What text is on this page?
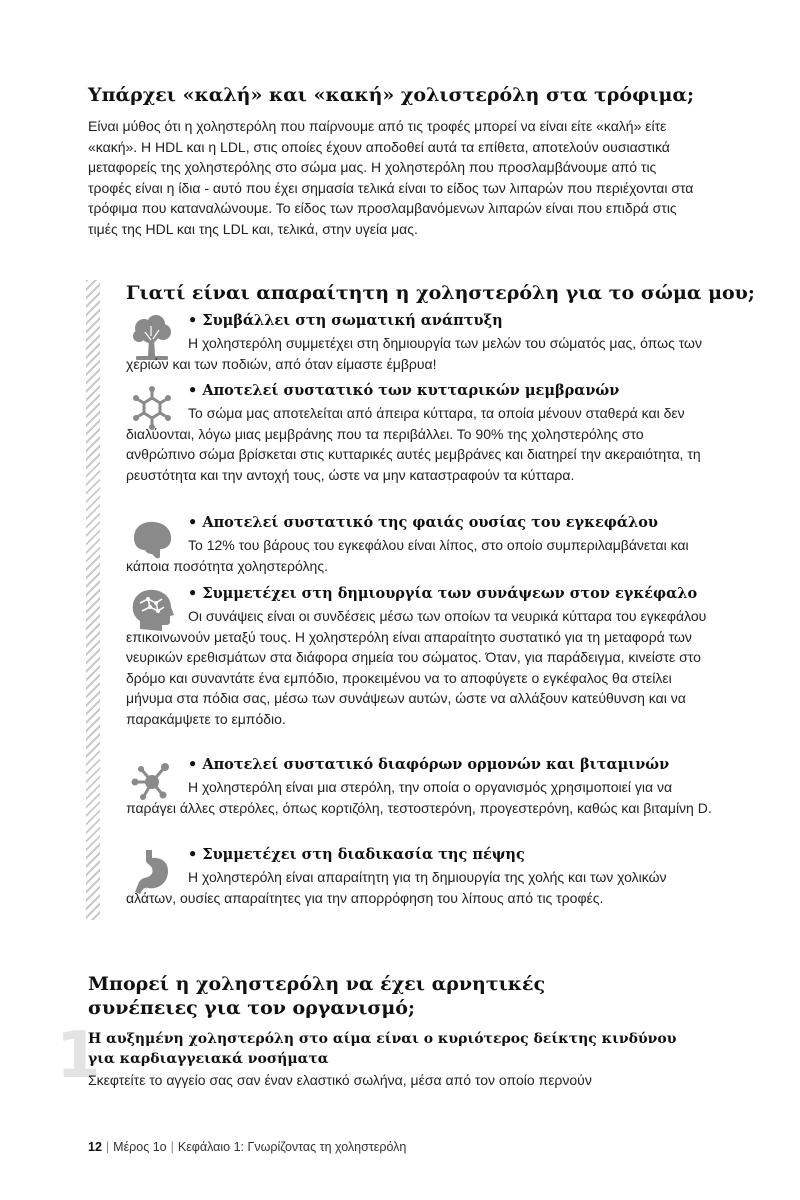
Υπάρχει «καλή» και «κακή» χολιστερόλη στα τρόφιμα;

Είναι μύθος ότι η χοληστερόλη που παίρνουμε από τις τροφές μπορεί να είναι είτε «καλή» είτε «κακή». Η HDL και η LDL, στις οποίες έχουν αποδοθεί αυτά τα επίθετα, αποτελούν ουσιαστικά μεταφορείς της χοληστερόλης στο σώμα μας. Η χοληστερόλη που προσλαμβάνουμε από τις τροφές είναι η ίδια - αυτό που έχει σημασία τελικά είναι το είδος των λιπαρών που περιέχονται στα τρόφιμα που καταναλώνουμε. Το είδος των προσλαμβανόμενων λιπαρών είναι που επιδρά στις τιμές της HDL και της LDL και, τελικά, στην υγεία μας.

Γιατί είναι απαραίτητη η χοληστερόλη για το σώμα μου;
• Συμβάλλει στη σωματική ανάπτυξη

Η χοληστερόλη συμμετέχει στη δημιουργία των μελών του σώματός μας, όπως των χεριών και των ποδιών, από όταν είμαστε έμβρυα!

• Αποτελεί συστατικό των κυτταρικών μεμβρανών

Το σώμα μας αποτελείται από άπειρα κύτταρα, τα οποία μένουν σταθερά και δεν διαλύονται, λόγω μιας μεμβράνης που τα περιβάλλει. Το 90% της χοληστερόλης στο ανθρώπινο σώμα βρίσκεται στις κυτταρικές αυτές μεμβράνες και διατηρεί την ακεραιότητα, τη ρευστότητα και την αντοχή τους, ώστε να μην καταστραφούν τα κύτταρα.

• Αποτελεί συστατικό της φαιάς ουσίας του εγκεφάλου

Το 12% του βάρους του εγκεφάλου είναι λίπος, στο οποίο συμπεριλαμβάνεται και κάποια ποσότητα χοληστερόλης.

• Συμμετέχει στη δημιουργία των συνάψεων στον εγκέφαλο

Οι συνάψεις είναι οι συνδέσεις μέσω των οποίων τα νευρικά κύτταρα του εγκεφάλου επικοινωνούν μεταξύ τους. Η χοληστερόλη είναι απαραίτητο συστατικό για τη μεταφορά των νευρικών ερεθισμάτων στα διάφορα σημεία του σώματος. Όταν, για παράδειγμα, κινείστε στο δρόμο και συναντάτε ένα εμπόδιο, προκειμένου να το αποφύγετε ο εγκέφαλος θα στείλει μήνυμα στα πόδια σας, μέσω των συνάψεων αυτών, ώστε να αλλάξουν κατεύθυνση και να παρακάμψετε το εμπόδιο.

• Αποτελεί συστατικό διαφόρων ορμονών και βιταμινών

Η χοληστερόλη είναι μια στερόλη, την οποία ο οργανισμός χρησιμοποιεί για να παράγει άλλες στερόλες, όπως κορτιζόλη, τεστοστερόνη, προγεστερόνη, καθώς και βιταμίνη D.

• Συμμετέχει στη διαδικασία της πέψης

Η χοληστερόλη είναι απαραίτητη για τη δημιουργία της χολής και των χολικών αλάτων, ουσίες απαραίτητες για την απορρόφηση του λίπους από τις τροφές.

Μπορεί η χοληστερόλη να έχει αρνητικές συνέπειες για τον οργανισμό;
1
Η αυξημένη χοληστερόλη στο αίμα είναι ο κυριότερος δείκτης κινδύνου για καρδιαγγειακά νοσήματα

Σκεφτείτε το αγγείο σας σαν έναν ελαστικό σωλήνα, μέσα από τον οποίο περνούν

12 | Μέρος 1ο | Κεφάλαιο 1: Γνωρίζοντας τη χοληστερόλη
